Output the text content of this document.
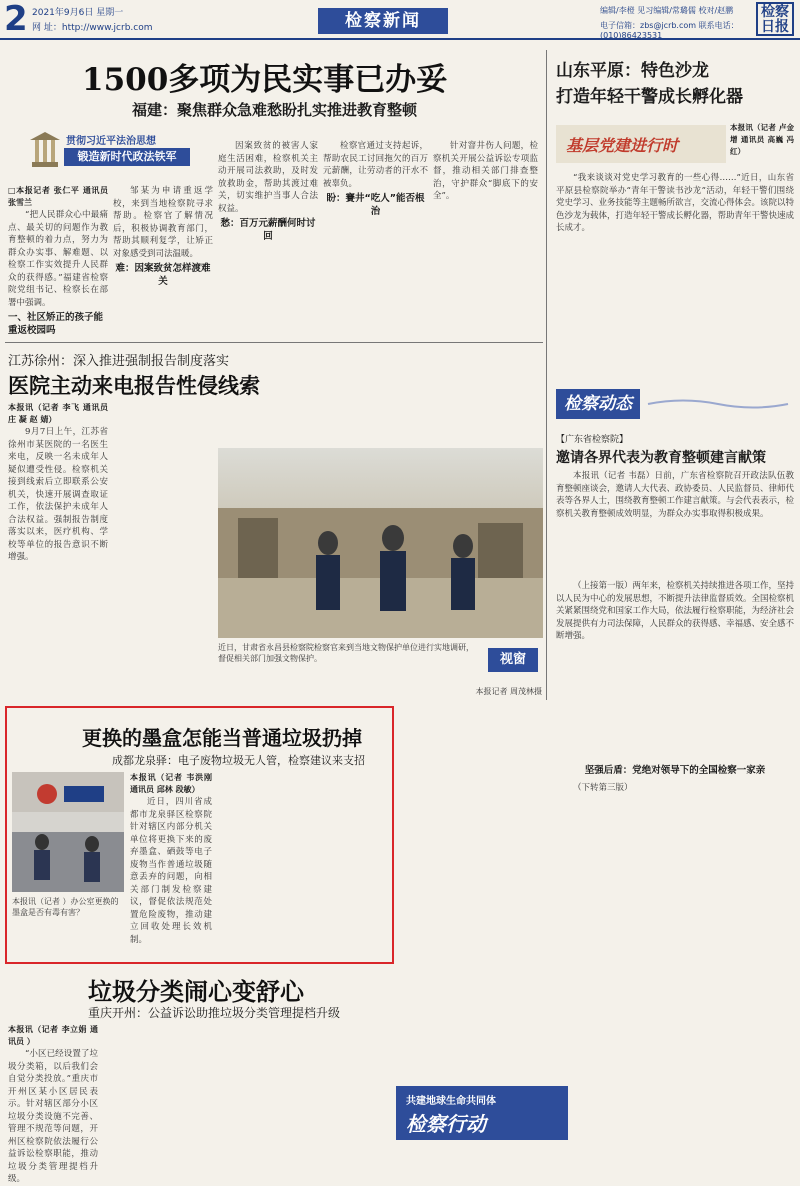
2 2021年9月6日 星期一
网 址：http://www.jcrb.com	检察新闻
编辑/李橙 见习编辑/常璐儒 校对/赵鹏
电子信箱：zbs@jcrb.com 联系电话：(010)86423531
检察
日报
1500多项为民实事已办妥
福建：聚焦群众急难愁盼扎实推进教育整顿
贯彻习近平法治思想
锻造新时代政法铁军
□本报记者 张仁平 通讯员 张雪兰

“把人民群众心中最痛点、最关切的问题作为教育整顿的着力点，努力为群众办实事、解难题、以检察工作实效提升人民群众的获得感。”福建省检察院党组书记、检察长在部署中强调。

一、社区矫正的孩子能重返校园吗

邹某为申请重返学校，来到当地检察院寻求帮助。检察官了解情况后，积极协调教育部门，帮助其顺利复学，让矫正对象感受到司法温暖。

难：因案致贫怎样渡难关

因案致贫的被害人家庭生活困难，检察机关主动开展司法救助，及时发放救助金，帮助其渡过难关，切实维护当事人合法权益。

愁：百万元薪酬何时讨回

检察官通过支持起诉，帮助农民工讨回拖欠的百万元薪酬，让劳动者的汗水不被辜负。

盼：賽井“吃人”能否根治

针对窨井伤人问题，检察机关开展公益诉讼专项监督，推动相关部门排查整治，守护群众“脚底下的安全”。

山东平原：特色沙龙
打造年轻干警成长孵化器
基层党建进行时
本报讯（记者 卢金增 通讯员 高巍 冯 红）

“我来谈谈对党史学习教育的一些心得……”近日，山东省平原县检察院举办“青年干警读书沙龙”活动，年轻干警们围绕党史学习、业务技能等主题畅所欲言，交流心得体会。该院以特色沙龙为载体，打造年轻干警成长孵化器，帮助青年干警快速成长成才。

检察动态
【广东省检察院】
邀请各界代表为教育整顿建言献策

本报讯（记者 韦磊）日前，广东省检察院召开政法队伍教育整顿座谈会，邀请人大代表、政协委员、人民监督员、律师代表等各界人士，围绕教育整顿工作建言献策。与会代表表示，检察机关教育整顿成效明显，为群众办实事取得积极成果。

（上接第一版）两年来，检察机关持续推进各项工作，坚持以人民为中心的发展思想，不断提升法律监督质效。全国检察机关紧紧围绕党和国家工作大局，依法履行检察职能，为经济社会发展提供有力司法保障，人民群众的获得感、幸福感、安全感不断增强。

坚强后盾：党绝对领导下的全国检察一家亲

（下转第三版）

江苏徐州：深入推进强制报告制度落实
医院主动来电报告性侵线索
本报讯（记者 李飞 通讯员 庄 凝 赵 婧）

9月7日上午，江苏省徐州市某医院的一名医生来电，反映一名未成年人疑似遭受性侵。检察机关接到线索后立即联系公安机关，快速开展调查取证工作，依法保护未成年人合法权益。强制报告制度落实以来，医疗机构、学校等单位的报告意识不断增强。

视窗
近日，甘肃省永昌县检察院检察官来到当地文物保护单位进行实地调研，督促相关部门加强文物保护。
本报记者 周茂林摄
更换的墨盒怎能当普通垃圾扔掉
成都龙泉驿：电子废物垃圾无人管，检察建议来支招
本报讯（记者 ）办公室更换的墨盒是否有毒有害？
本报讯（记者 韦洪刚 通讯员 邱林 段敏）

近日，四川省成都市龙泉驿区检察院针对辖区内部分机关单位将更换下来的废弃墨盒、硒鼓等电子废物当作普通垃圾随意丢弃的问题，向相关部门制发检察建议，督促依法规范处置危险废物，推动建立回收处理长效机制。

垃圾分类闹心变舒心
重庆开州：公益诉讼助推垃圾分类管理提档升级
本报讯（记者 李立娟 通讯员 ）

“小区已经设置了垃圾分类箱，以后我们会自觉分类投放。”重庆市开州区某小区居民表示。针对辖区部分小区垃圾分类设施不完善、管理不规范等问题，开州区检察院依法履行公益诉讼检察职能，推动垃圾分类管理提档升级。

共建地球生命共同体
检察行动
